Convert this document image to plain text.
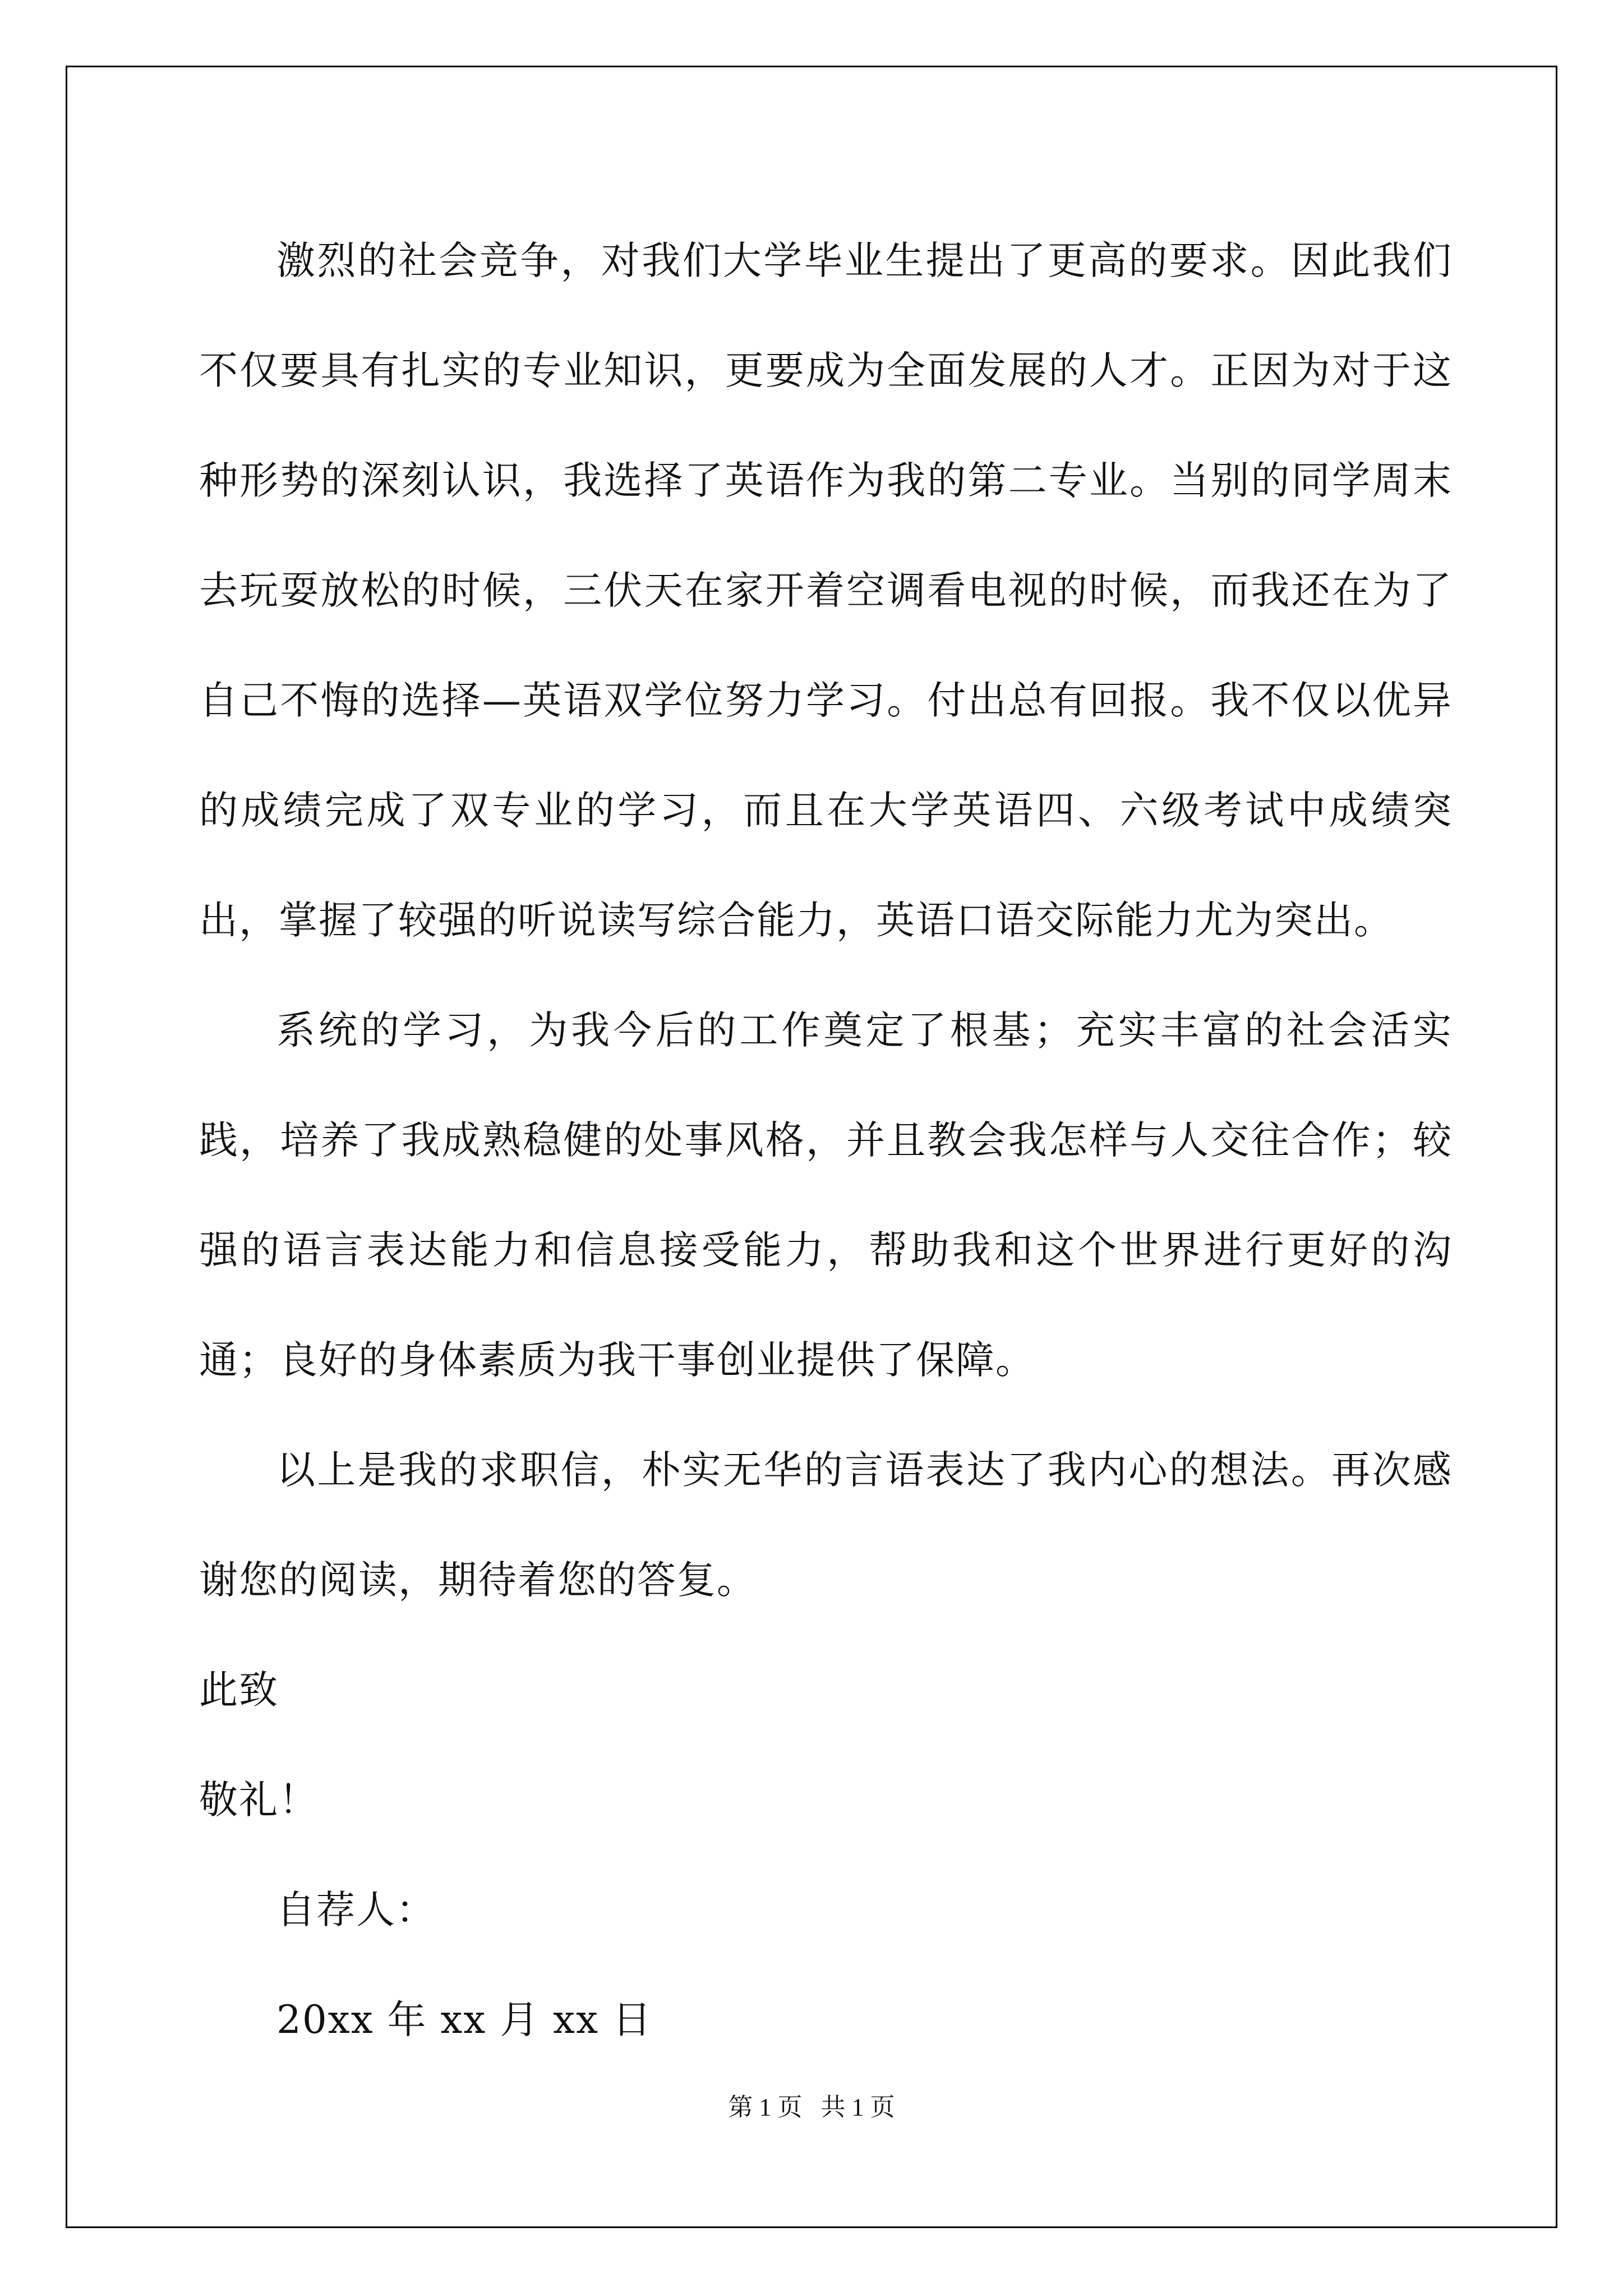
激烈的社会竞争，对我们大学毕业生提出了更高的要求。因此我们不仅要具有扎实的专业知识，更要成为全面发展的人才。正因为对于这种形势的深刻认识，我选择了英语作为我的第二专业。当别的同学周末去玩耍放松的时候，三伏天在家开着空调看电视的时候，而我还在为了自己不悔的选择—英语双学位努力学习。付出总有回报。我不仅以优异的成绩完成了双专业的学习，而且在大学英语四、六级考试中成绩突出，掌握了较强的听说读写综合能力，英语口语交际能力尤为突出。

系统的学习，为我今后的工作奠定了根基；充实丰富的社会活实践，培养了我成熟稳健的处事风格，并且教会我怎样与人交往合作；较强的语言表达能力和信息接受能力，帮助我和这个世界进行更好的沟通；良好的身体素质为我干事创业提供了保障。

以上是我的求职信，朴实无华的言语表达了我内心的想法。再次感谢您的阅读，期待着您的答复。

此致

敬礼！

自荐人：

20xx 年 xx 月 xx 日

第 1 页   共 1 页
